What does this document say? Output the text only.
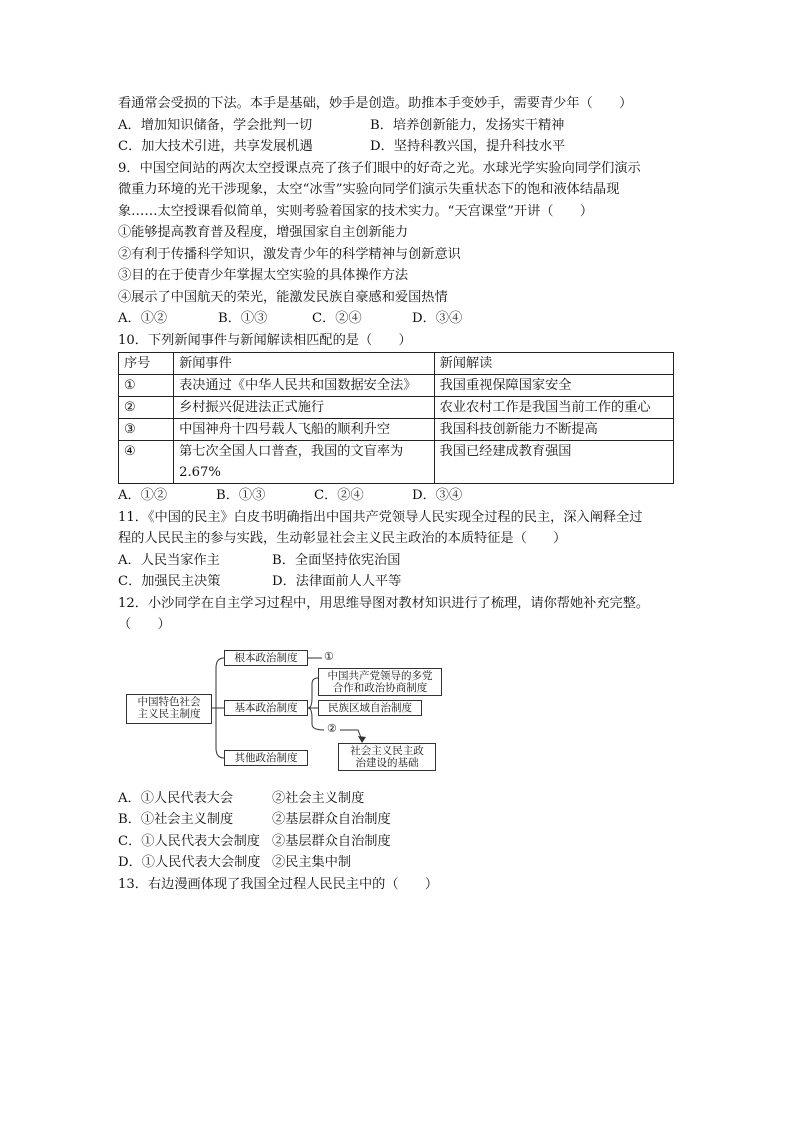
看通常会受损的下法。本手是基础，妙手是创造。助推本手变妙手，需要青少年（　　）
A．增加知识储备，学会批判一切	B．培养创新能力，发扬实干精神
C．加大技术引进，共享发展机遇	D．坚持科教兴国，提升科技水平
9．中国空间站的两次太空授课点亮了孩子们眼中的好奇之光。水球光学实验向同学们演示
微重力环境的光干涉现象，太空“冰雪”实验向同学们演示失重状态下的饱和液体结晶现
象……太空授课看似简单，实则考验着国家的技术实力。“天宫课堂”开讲（　　）
①能够提高教育普及程度，增强国家自主创新能力
②有利于传播科学知识，激发青少年的科学精神与创新意识
③目的在于使青少年掌握太空实验的具体操作方法
④展示了中国航天的荣光，能激发民族自豪感和爱国热情
A．①②	B．①③	C．②④	D．③④
10．下列新闻事件与新闻解读相匹配的是（　　）
序号	新闻事件	新闻解读
①	表决通过《中华人民共和国数据安全法》	我国重视保障国家安全
②	乡村振兴促进法正式施行	农业农村工作是我国当前工作的重心
③	中国神舟十四号载人飞船的顺利升空	我国科技创新能力不断提高
④	第七次全国人口普查，我国的文盲率为2.67%	我国已经建成教育强国
A．①②	B．①③	C．②④	D．③④
11．《中国的民主》白皮书明确指出中国共产党领导人民实现全过程的民主，深入阐释全过
程的人民民主的参与实践，生动彰显社会主义民主政治的本质特征是（　　）
A．人民当家作主	B．全面坚持依宪治国
C．加强民主决策	D．法律面前人人平等
12．小沙同学在自主学习过程中，用思维导图对教材知识进行了梳理，请你帮她补充完整。
（　　）
中国特色社会
主义民主制度
根本政治制度	①
基本政治制度
中国共产党领导的多党
合作和政治协商制度
民族区域自治制度
②
社会主义民主政
治建设的基础
其他政治制度
A．①人民代表大会	②社会主义制度
B．①社会主义制度	②基层群众自治制度
C．①人民代表大会制度 ②基层群众自治制度
D．①人民代表大会制度 ②民主集中制
13．右边漫画体现了我国全过程人民民主中的（　　）
